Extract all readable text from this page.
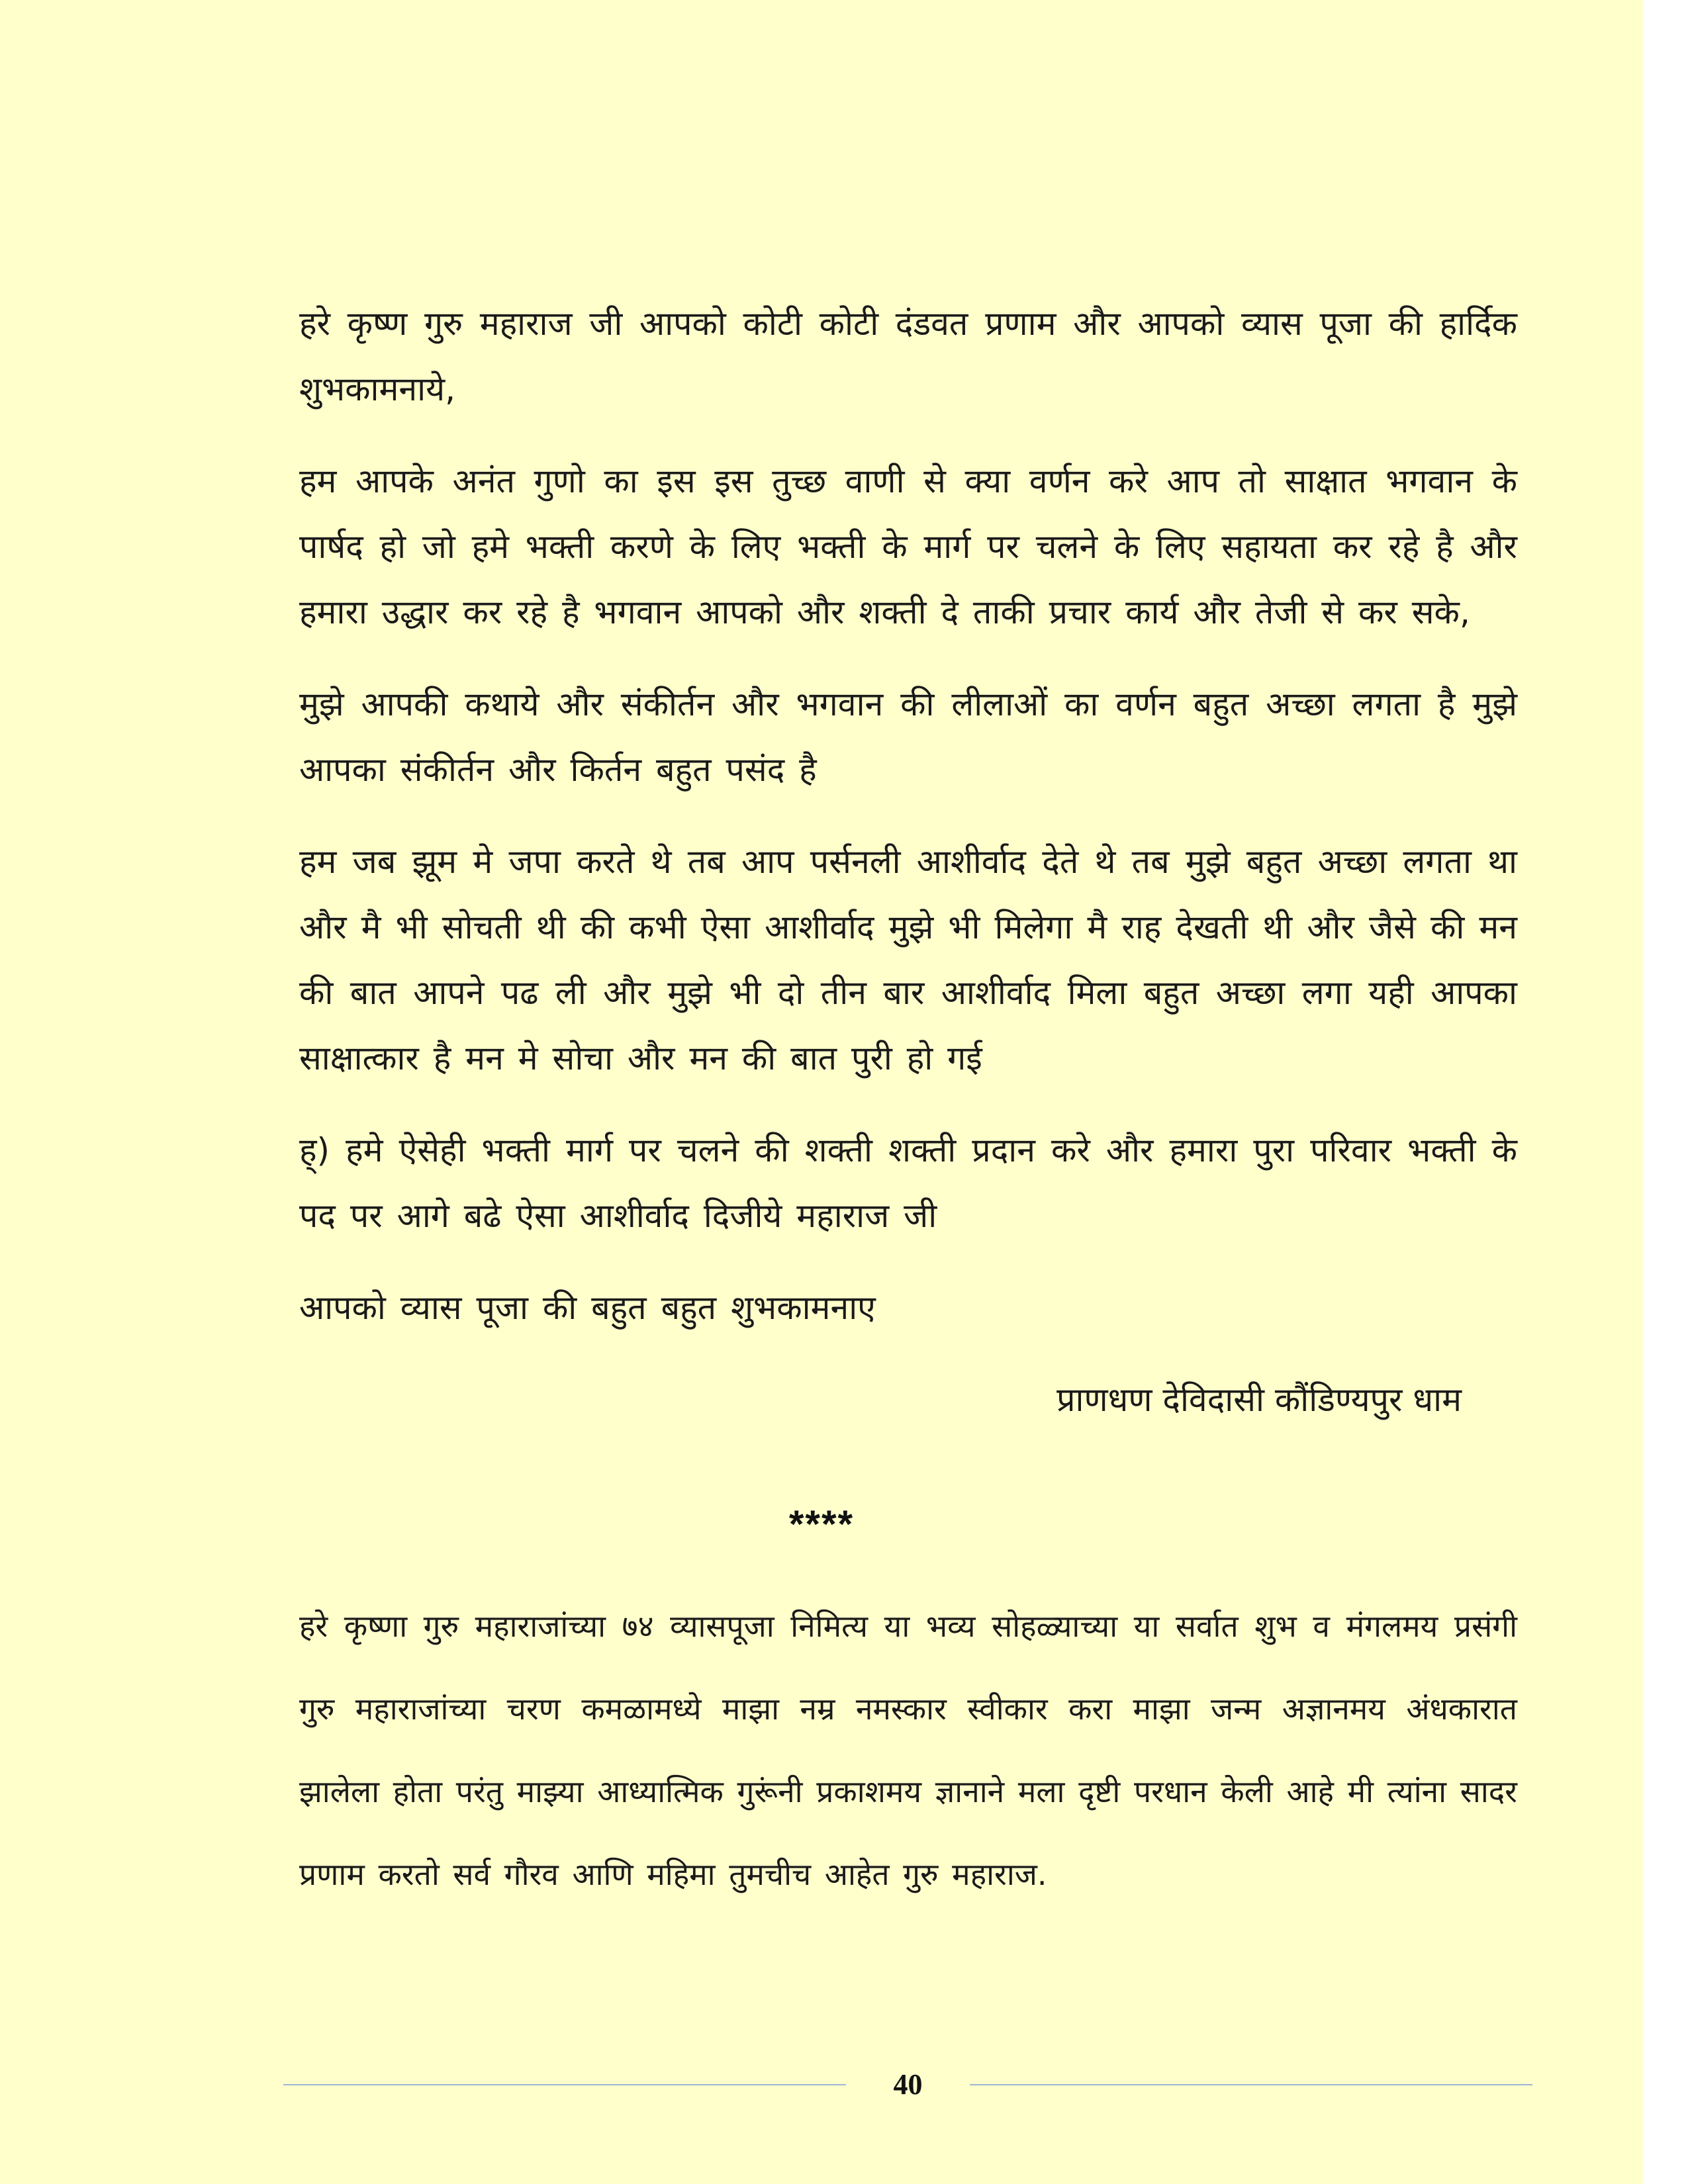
हरे कृष्ण गुरु महाराज जी आपको कोटी कोटी दंडवत प्रणाम और आपको व्यास पूजा की हार्दिक शुभकामनाये,

हम आपके अनंत गुणो का इस इस तुच्छ वाणी से क्या वर्णन करे आप तो साक्षात भगवान के पार्षद हो जो हमे भक्ती करणे के लिए भक्ती के मार्ग पर चलने के लिए सहायता कर रहे है और हमारा उद्धार कर रहे है भगवान आपको और शक्ती दे ताकी प्रचार कार्य और तेजी से कर सके,

मुझे आपकी कथाये और संकीर्तन और भगवान की लीलाओं का वर्णन बहुत अच्छा लगता है मुझे आपका संकीर्तन और किर्तन बहुत पसंद है

हम जब झूम मे जपा करते थे तब आप पर्सनली आशीर्वाद देते थे तब मुझे बहुत अच्छा लगता था और मै भी सोचती थी की कभी ऐसा आशीर्वाद मुझे भी मिलेगा मै राह देखती थी और जैसे की मन की बात आपने पढ ली और मुझे भी दो तीन बार आशीर्वाद मिला बहुत अच्छा लगा यही आपका साक्षात्कार है मन मे सोचा और मन की बात पुरी हो गई

ह्) हमे ऐसेही भक्ती मार्ग पर चलने की शक्ती शक्ती प्रदान करे और हमारा पुरा परिवार भक्ती के पद पर आगे बढे ऐसा आशीर्वाद दिजीये महाराज जी

आपको व्यास पूजा की बहुत बहुत शुभकामनाए

प्राणधण देविदासी कौंडिण्यपुर धाम

****

हरे कृष्णा गुरु महाराजांच्या ७४ व्यासपूजा निमित्य या भव्य सोहळ्याच्या या सर्वात शुभ व मंगलमय प्रसंगी गुरु महाराजांच्या चरण कमळामध्ये माझा नम्र नमस्कार स्वीकार करा माझा जन्म अज्ञानमय अंधकारात झालेला होता परंतु माझ्या आध्यात्मिक गुरूंनी प्रकाशमय ज्ञानाने मला दृष्टी परधान केली आहे मी त्यांना सादर प्रणाम करतो सर्व गौरव आणि महिमा तुमचीच आहेत गुरु महाराज.

40
